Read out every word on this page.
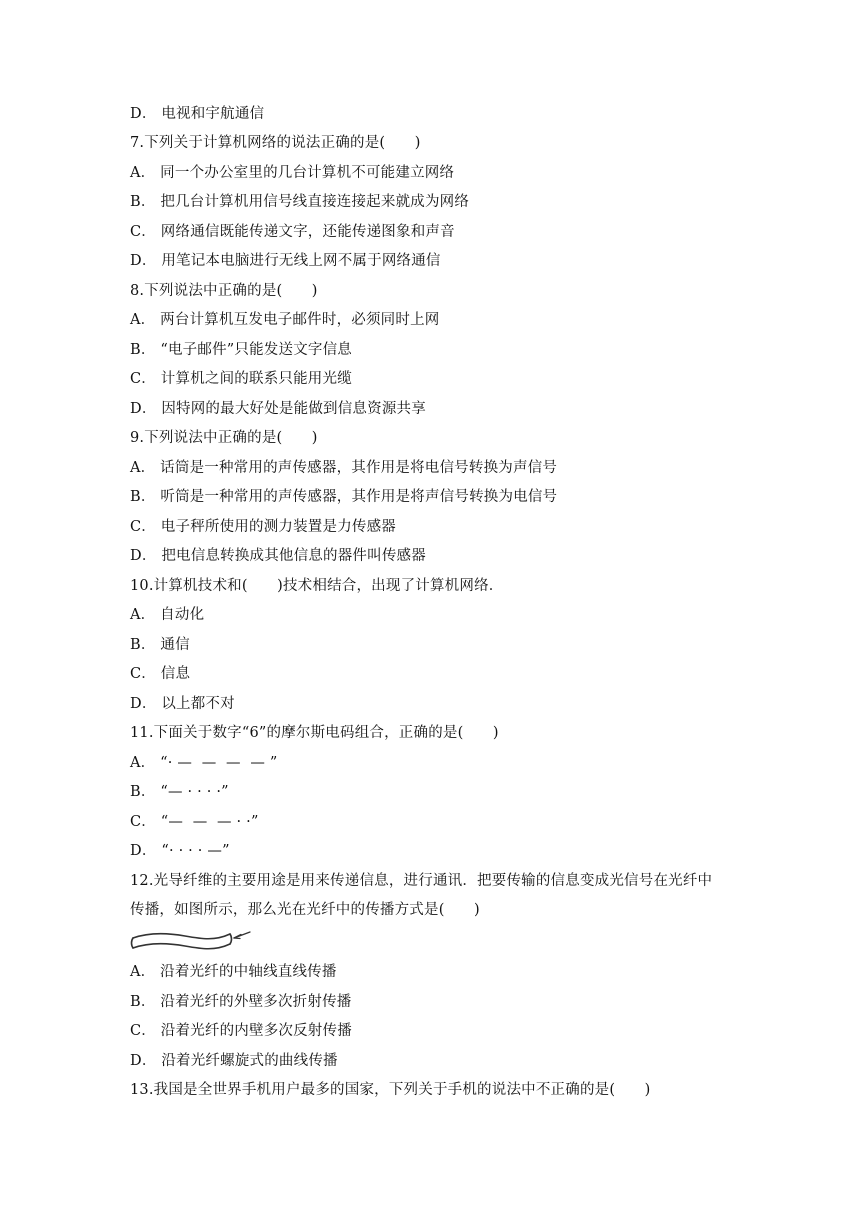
D． 电视和宇航通信
7.下列关于计算机网络的说法正确的是(　　)
A． 同一个办公室里的几台计算机不可能建立网络
B． 把几台计算机用信号线直接连接起来就成为网络
C． 网络通信既能传递文字，还能传递图象和声音
D． 用笔记本电脑进行无线上网不属于网络通信
8.下列说法中正确的是(　　)
A． 两台计算机互发电子邮件时，必须同时上网
B． “电子邮件”只能发送文字信息
C． 计算机之间的联系只能用光缆
D． 因特网的最大好处是能做到信息资源共享
9.下列说法中正确的是(　　)
A． 话筒是一种常用的声传感器，其作用是将电信号转换为声信号
B． 听筒是一种常用的声传感器，其作用是将声信号转换为电信号
C． 电子秤所使用的测力装置是力传感器
D． 把电信息转换成其他信息的器件叫传感器
10.计算机技术和(　　)技术相结合，出现了计算机网络．
A． 自动化
B． 通信
C． 信息
D． 以上都不对
11.下面关于数字“6”的摩尔斯电码组合，正确的是(　　)
A． “· —  —  —  — ”
B． “— · · · ·”
C． “—  —  — · ·”
D． “· · · · —”
12.光导纤维的主要用途是用来传递信息，进行通讯．把要传输的信息变成光信号在光纤中
传播，如图所示，那么光在光纤中的传播方式是(　　)
A． 沿着光纤的中轴线直线传播
B． 沿着光纤的外壁多次折射传播
C． 沿着光纤的内壁多次反射传播
D． 沿着光纤螺旋式的曲线传播
13.我国是全世界手机用户最多的国家，下列关于手机的说法中不正确的是(　　)
